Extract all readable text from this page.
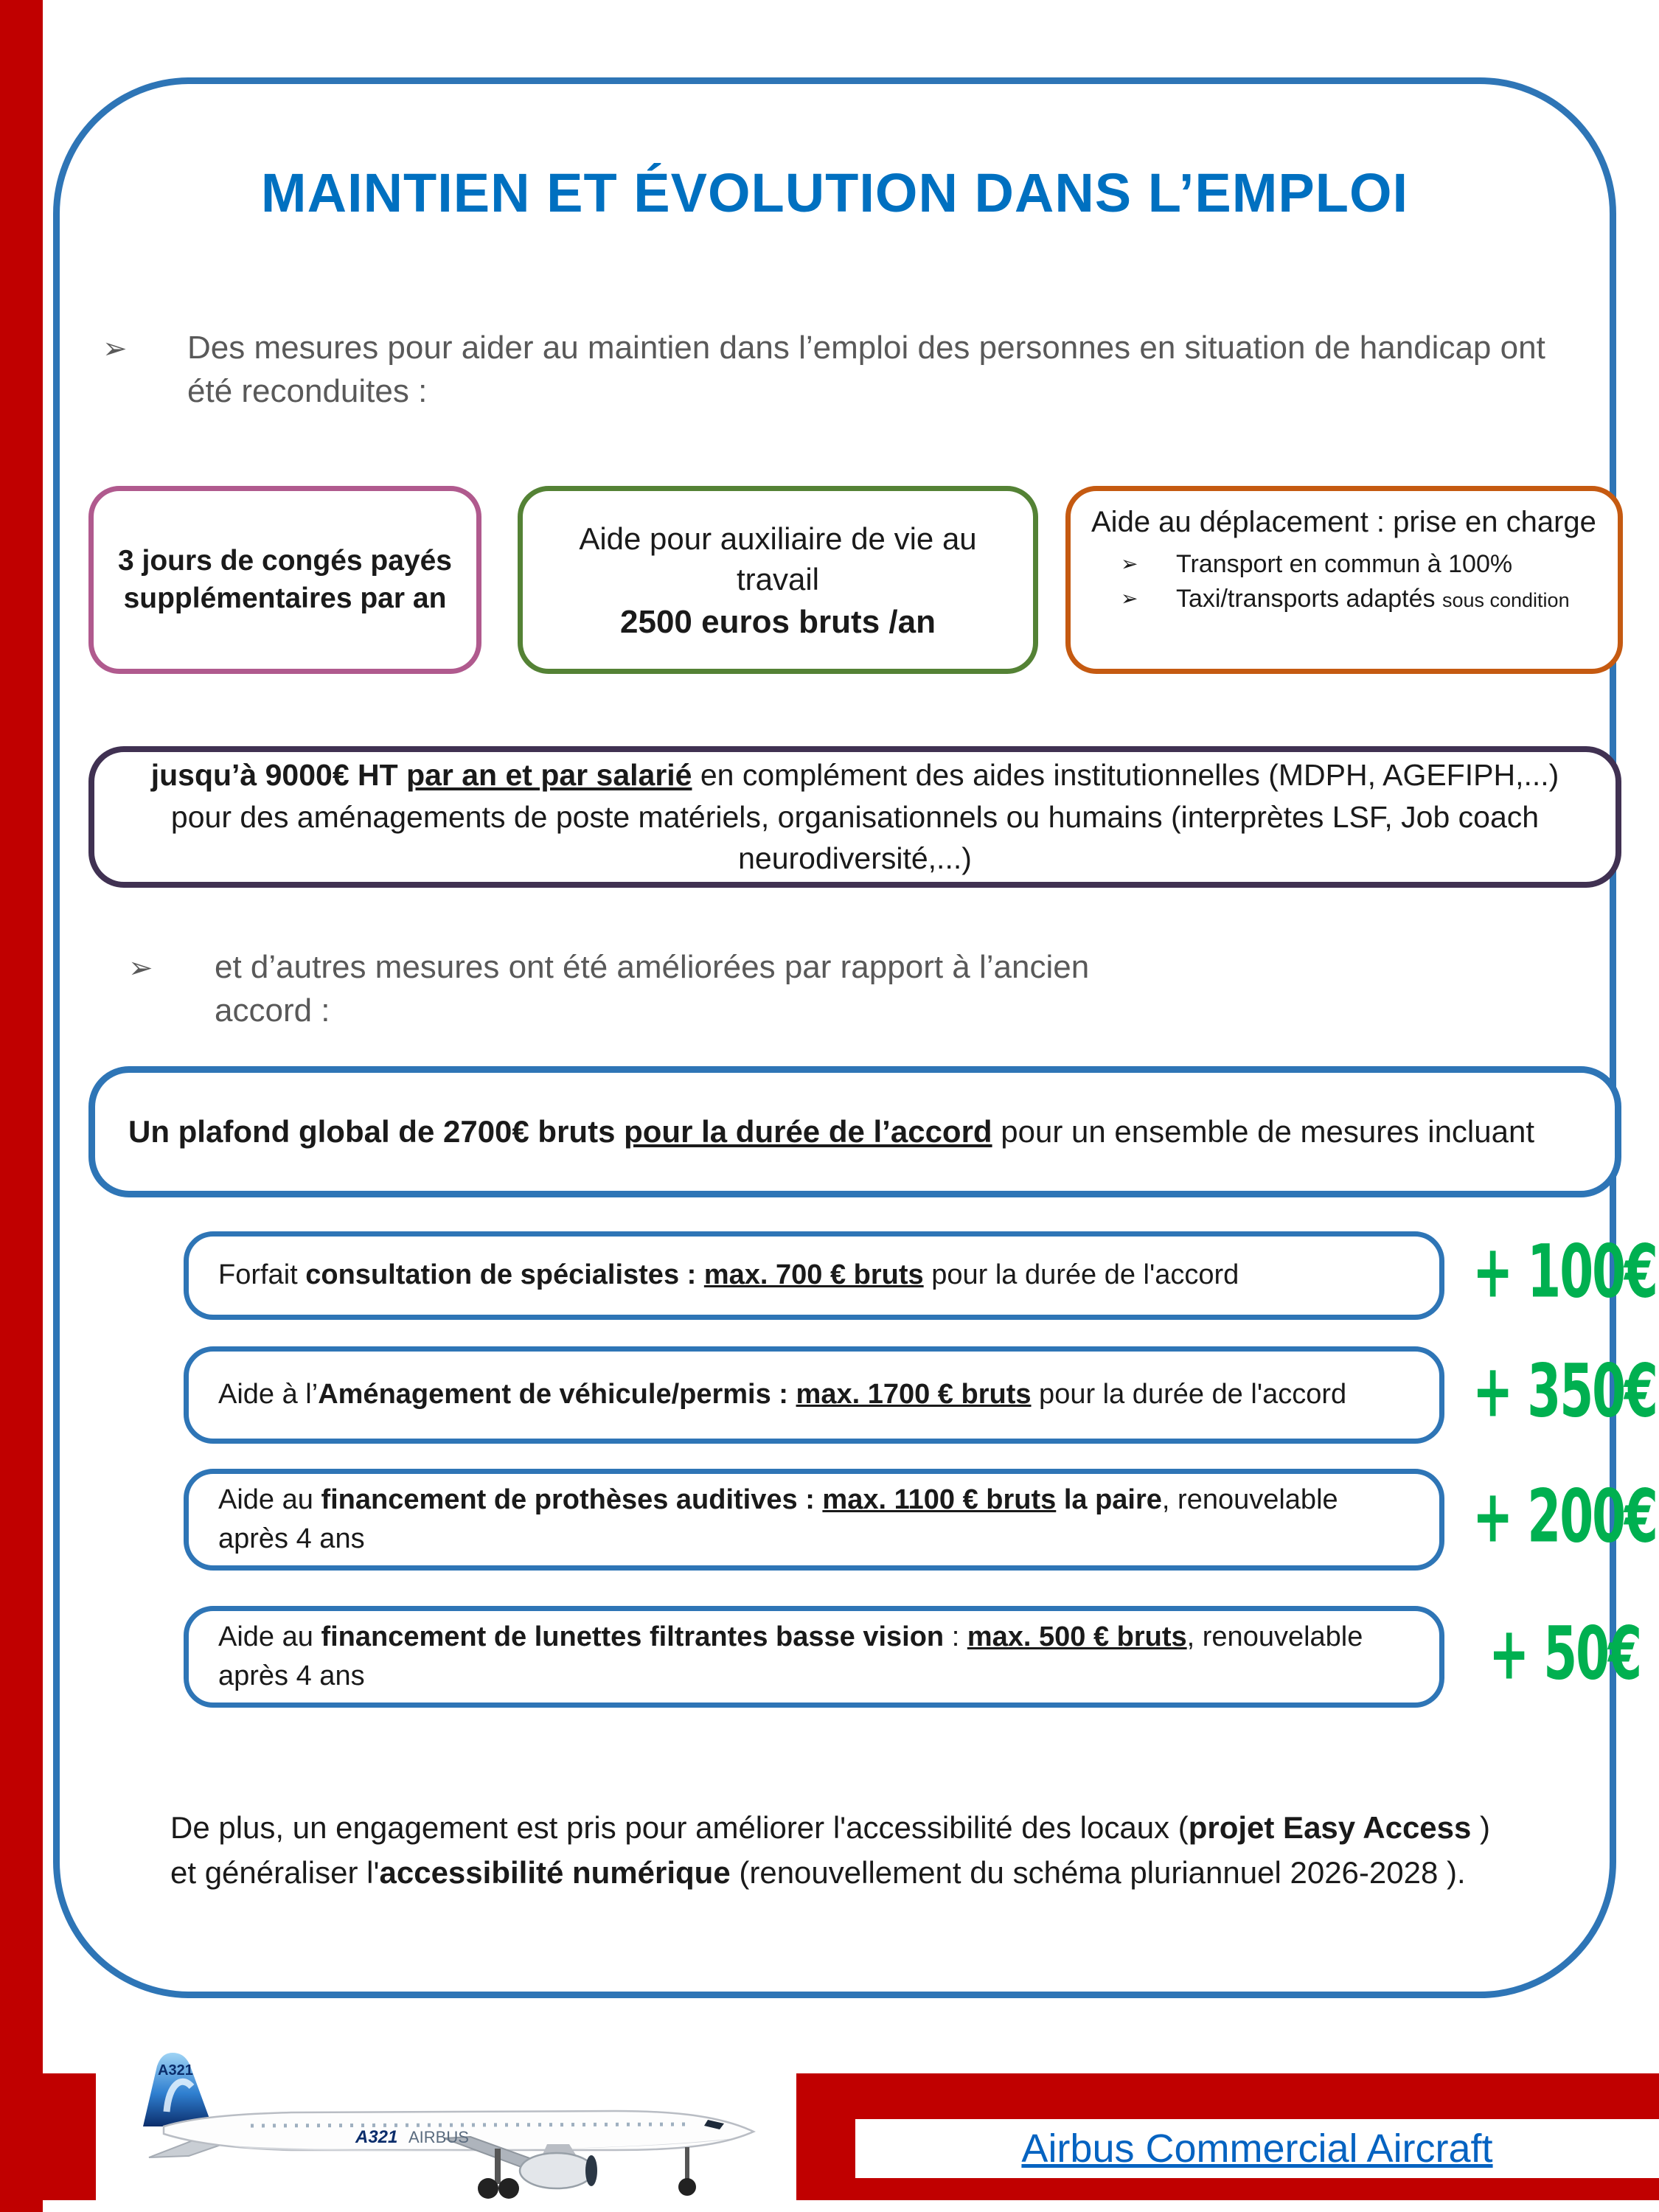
MAINTIEN ET ÉVOLUTION DANS L’EMPLOI
➢	Des mesures pour aider au maintien dans l’emploi des personnes en situation de handicap ont été reconduites :
3 jours de congés payés supplémentaires par an
Aide pour auxiliaire de vie au travail
2500 euros bruts /an
Aide au déplacement : prise en charge
➢	Transport en commun à 100%
➢	Taxi/transports adaptés sous condition

jusqu’à 9000€ HT par an et par salarié en complément des aides institutionnelles (MDPH, AGEFIPH,...) pour des aménagements de poste matériels, organisationnels ou humains (interprètes LSF, Job coach neurodiversité,...)

➢	et d’autres mesures ont été améliorées par rapport à l’ancien accord :

Un plafond global de 2700€ bruts pour la durée de l’accord pour un ensemble de mesures incluant

Forfait consultation de spécialistes : max. 700 € bruts pour la durée de l'accord	+ 100€

Aide à l’Aménagement de véhicule/permis : max. 1700 € bruts pour la durée de l'accord	+ 350€

Aide au financement de prothèses auditives : max. 1100 € bruts la paire, renouvelable après 4 ans	+ 200€

Aide au financement de lunettes filtrantes basse vision : max. 500 € bruts, renouvelable après 4 ans	+ 50€
De plus, un engagement est pris pour améliorer l'accessibilité des locaux (projet Easy Access )
et généraliser l'accessibilité numérique (renouvellement du schéma pluriannuel 2026-2028 ).
A321
A321 AIRBUS	Airbus Commercial Aircraft
